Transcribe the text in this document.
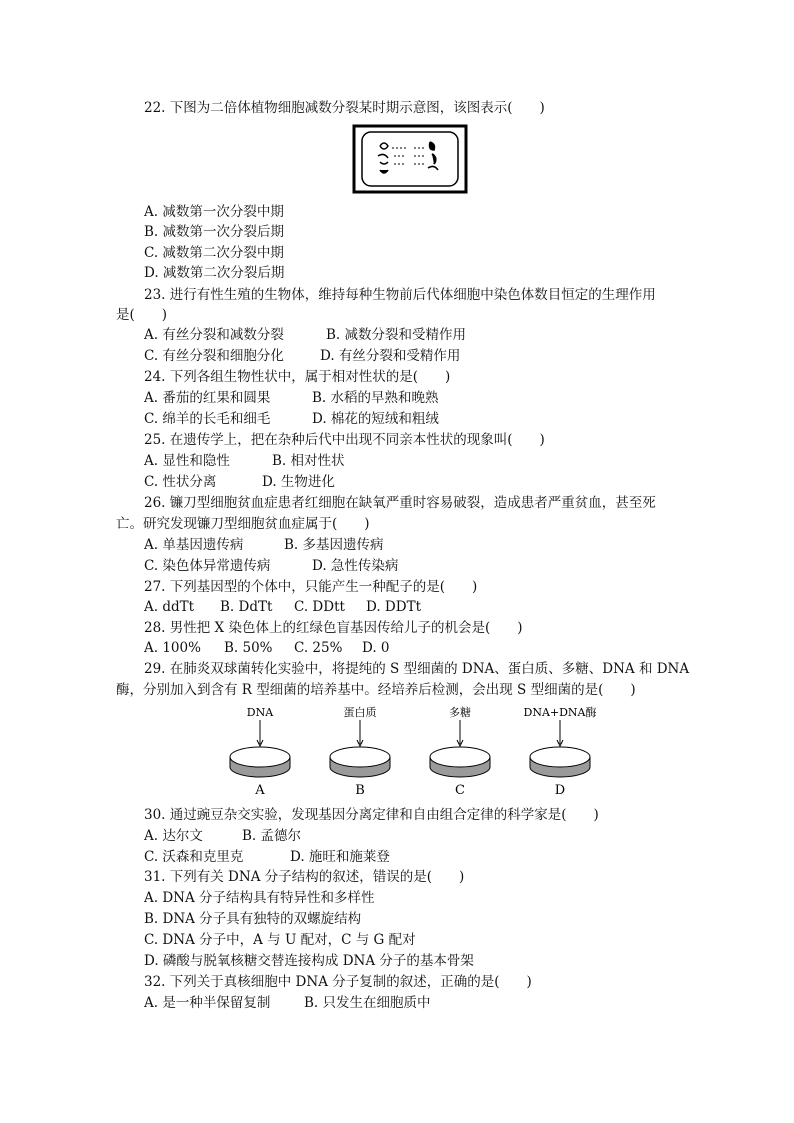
22. 下图为二倍体植物细胞减数分裂某时期示意图，该图表示(　　)
A. 减数第一次分裂中期
B. 减数第一次分裂后期
C. 减数第二次分裂中期
D. 减数第二次分裂后期
23. 进行有性生殖的生物体，维持每种生物前后代体细胞中染色体数目恒定的生理作用
是(　　)
A. 有丝分裂和减数分裂	B. 减数分裂和受精作用
C. 有丝分裂和细胞分化	D. 有丝分裂和受精作用
24. 下列各组生物性状中，属于相对性状的是(　　)
A. 番茄的红果和圆果	B. 水稻的早熟和晚熟
C. 绵羊的长毛和细毛	D. 棉花的短绒和粗绒
25. 在遗传学上，把在杂种后代中出现不同亲本性状的现象叫(　　)
A. 显性和隐性	B. 相对性状
C. 性状分离	D. 生物进化
26. 镰刀型细胞贫血症患者红细胞在缺氧严重时容易破裂，造成患者严重贫血，甚至死
亡。研究发现镰刀型细胞贫血症属于(　　)
A. 单基因遗传病	B. 多基因遗传病
C. 染色体异常遗传病	D. 急性传染病
27. 下列基因型的个体中，只能产生一种配子的是(　　)
A. ddTt B. DdTt C. DDtt D. DDTt
28. 男性把 X 染色体上的红绿色盲基因传给儿子的机会是(　　)
A. 100% B. 50% C. 25% D. 0
29. 在肺炎双球菌转化实验中，将提纯的 S 型细菌的 DNA、蛋白质、多糖、DNA 和 DNA
酶，分别加入到含有 R 型细菌的培养基中。经培养后检测，会出现 S 型细菌的是(　　)
DNA
A
蛋白质
B
多糖
C
DNA+DNA酶
D
30. 通过豌豆杂交实验，发现基因分离定律和自由组合定律的科学家是(　　)
A. 达尔文	B. 孟德尔
C. 沃森和克里克	D. 施旺和施莱登
31. 下列有关 DNA 分子结构的叙述，错误的是(　　)
A. DNA 分子结构具有特异性和多样性
B. DNA 分子具有独特的双螺旋结构
C. DNA 分子中，A 与 U 配对，C 与 G 配对
D. 磷酸与脱氧核糖交替连接构成 DNA 分子的基本骨架
32. 下列关于真核细胞中 DNA 分子复制的叙述，正确的是(　　)
A. 是一种半保留复制 B. 只发生在细胞质中
